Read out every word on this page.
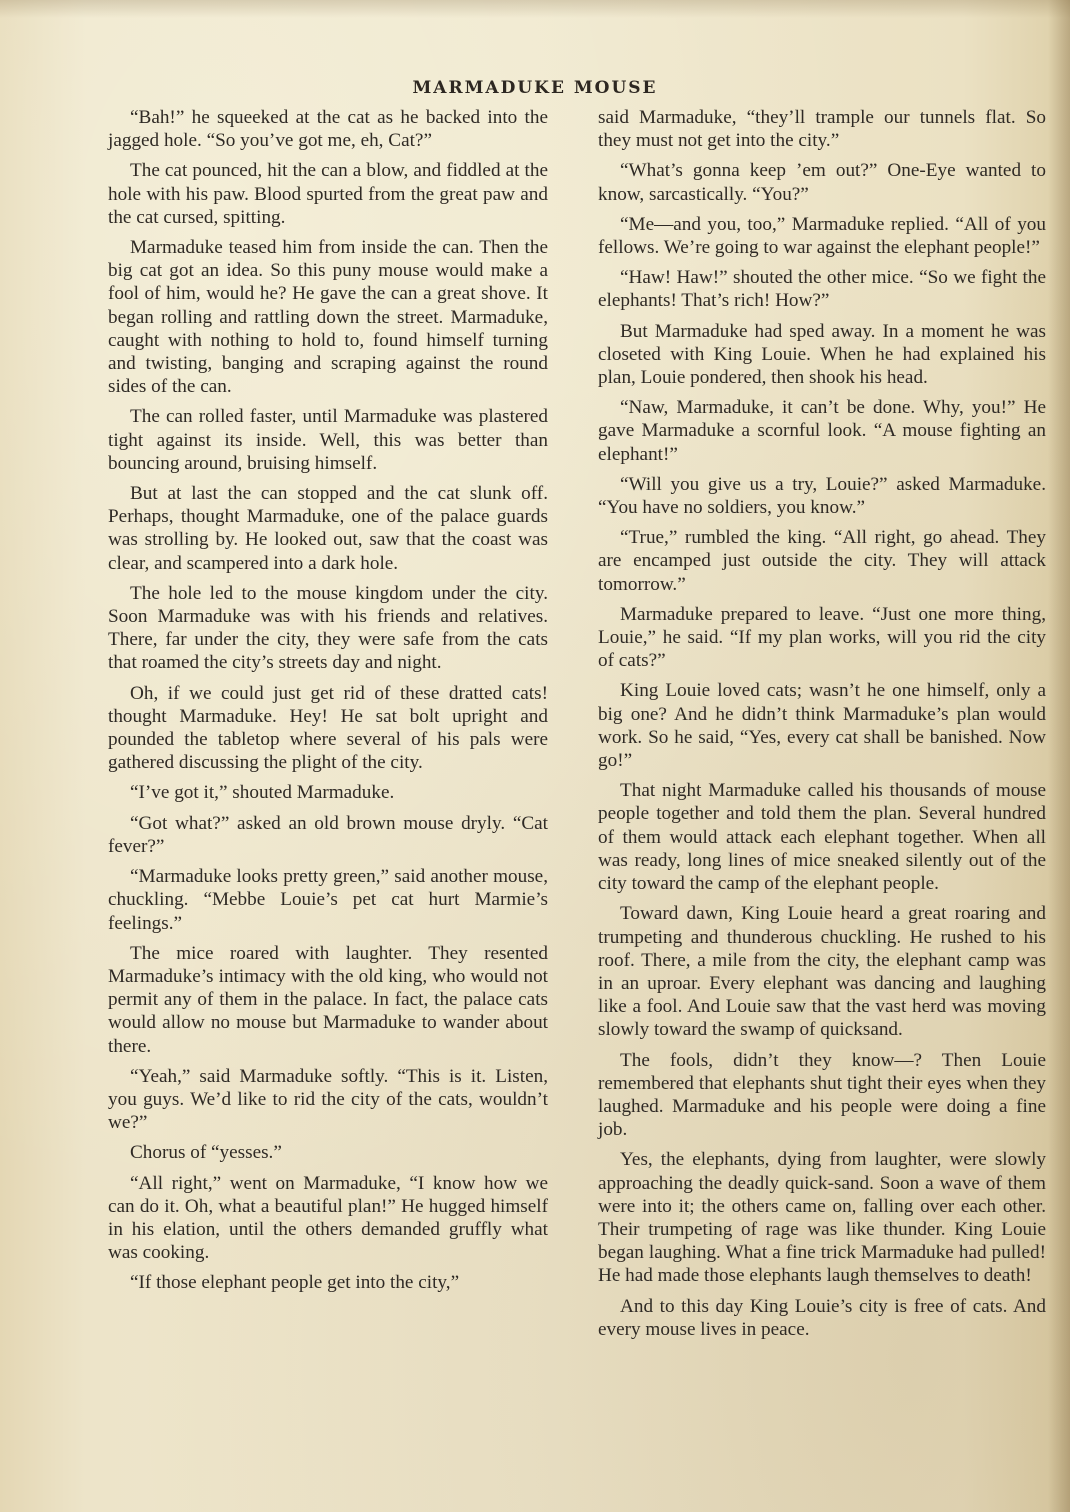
MARMADUKE MOUSE

“Bah!” he squeeked at the cat as he backed into the jagged hole. “So you’ve got me, eh, Cat?”

The cat pounced, hit the can a blow, and fiddled at the hole with his paw. Blood spurted from the great paw and the cat cursed, spitting.

Marmaduke teased him from inside the can. Then the big cat got an idea. So this puny mouse would make a fool of him, would he? He gave the can a great shove. It began rolling and rattling down the street. Marmaduke, caught with nothing to hold to, found himself turning and twisting, banging and scraping against the round sides of the can.

The can rolled faster, until Marmaduke was plastered tight against its inside. Well, this was better than bouncing around, bruising himself.

But at last the can stopped and the cat slunk off. Perhaps, thought Marmaduke, one of the palace guards was strolling by. He looked out, saw that the coast was clear, and scampered into a dark hole.

The hole led to the mouse kingdom under the city. Soon Marmaduke was with his friends and relatives. There, far under the city, they were safe from the cats that roamed the city’s streets day and night.

Oh, if we could just get rid of these dratted cats! thought Marmaduke. Hey! He sat bolt upright and pounded the tabletop where several of his pals were gathered discussing the plight of the city.

“I’ve got it,” shouted Marmaduke.

“Got what?” asked an old brown mouse dryly. “Cat fever?”

“Marmaduke looks pretty green,” said another mouse, chuckling. “Mebbe Louie’s pet cat hurt Marmie’s feelings.”

The mice roared with laughter. They resented Marmaduke’s intimacy with the old king, who would not permit any of them in the palace. In fact, the palace cats would allow no mouse but Marmaduke to wander about there.

“Yeah,” said Marmaduke softly. “This is it. Listen, you guys. We’d like to rid the city of the cats, wouldn’t we?”

Chorus of “yesses.”

“All right,” went on Marmaduke, “I know how we can do it. Oh, what a beautiful plan!” He hugged himself in his elation, until the others demanded gruffly what was cooking.

“If those elephant people get into the city,”

said Marmaduke, “they’ll trample our tunnels flat. So they must not get into the city.”

“What’s gonna keep ’em out?” One-Eye wanted to know, sarcastically. “You?”

“Me—and you, too,” Marmaduke replied. “All of you fellows. We’re going to war against the elephant people!”

“Haw! Haw!” shouted the other mice. “So we fight the elephants! That’s rich! How?”

But Marmaduke had sped away. In a moment he was closeted with King Louie. When he had explained his plan, Louie pondered, then shook his head.

“Naw, Marmaduke, it can’t be done. Why, you!” He gave Marmaduke a scornful look. “A mouse fighting an elephant!”

“Will you give us a try, Louie?” asked Marmaduke. “You have no soldiers, you know.”

“True,” rumbled the king. “All right, go ahead. They are encamped just outside the city. They will attack tomorrow.”

Marmaduke prepared to leave. “Just one more thing, Louie,” he said. “If my plan works, will you rid the city of cats?”

King Louie loved cats; wasn’t he one himself, only a big one? And he didn’t think Marmaduke’s plan would work. So he said, “Yes, every cat shall be banished. Now go!”

That night Marmaduke called his thousands of mouse people together and told them the plan. Several hundred of them would attack each elephant together. When all was ready, long lines of mice sneaked silently out of the city toward the camp of the elephant people.

Toward dawn, King Louie heard a great roaring and trumpeting and thunderous chuckling. He rushed to his roof. There, a mile from the city, the elephant camp was in an uproar. Every elephant was dancing and laughing like a fool. And Louie saw that the vast herd was moving slowly toward the swamp of quicksand.

The fools, didn’t they know—? Then Louie remembered that elephants shut tight their eyes when they laughed. Marmaduke and his people were doing a fine job.

Yes, the elephants, dying from laughter, were slowly approaching the deadly quick-sand. Soon a wave of them were into it; the others came on, falling over each other. Their trumpeting of rage was like thunder. King Louie began laughing. What a fine trick Marmaduke had pulled! He had made those elephants laugh themselves to death!

And to this day King Louie’s city is free of cats. And every mouse lives in peace.
